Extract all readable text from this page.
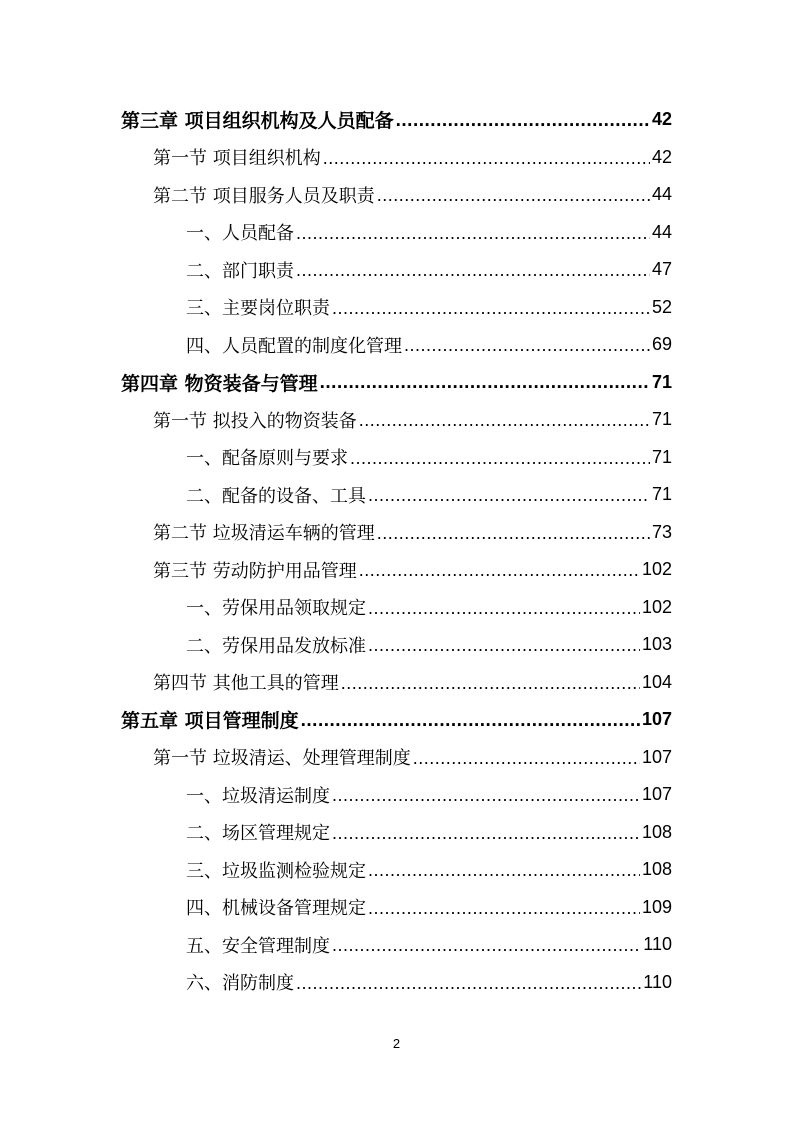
第三章 项目组织机构及人员配备 .....	42
第一节 项目组织机构 .....	42
第二节 项目服务人员及职责 .....	44
一、人员配备 .....	44
二、部门职责 .....	47
三、主要岗位职责 .....	52
四、人员配置的制度化管理 .....	69
第四章 物资装备与管理 .....	71
第一节 拟投入的物资装备 .....	71
一、配备原则与要求 .....	71
二、配备的设备、工具 .....	71
第二节 垃圾清运车辆的管理 .....	73
第三节 劳动防护用品管理 .....	102
一、劳保用品领取规定 .....	102
二、劳保用品发放标准 .....	103
第四节 其他工具的管理 .....	104
第五章 项目管理制度 .....	107
第一节 垃圾清运、处理管理制度 .....	107
一、垃圾清运制度 .....	107
二、场区管理规定 .....	108
三、垃圾监测检验规定 .....	108
四、机械设备管理规定 .....	109
五、安全管理制度 .....	110
六、消防制度 .....	110
2
